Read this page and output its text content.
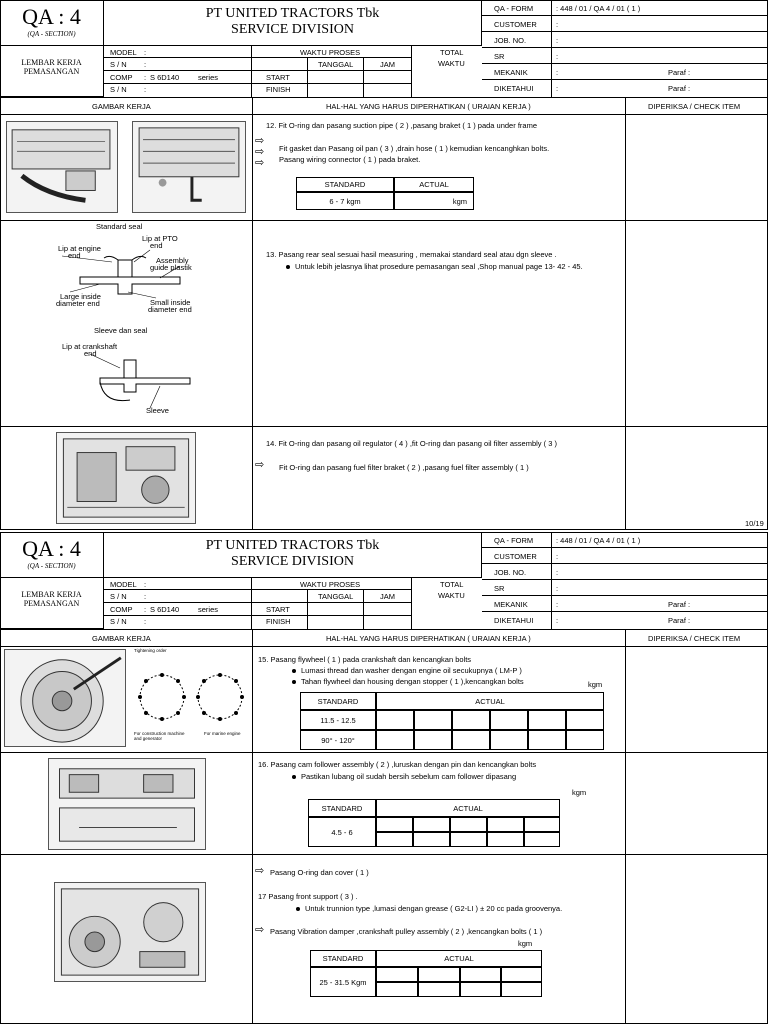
QA : 4
(QA - SECTION)
PT UNITED TRACTORS Tbk
SERVICE DIVISION
QA - FORM	: 448 / 01 / QA 4 / 01 ( 1 )
CUSTOMER	:
JOB. NO.	:
SR	:
MEKANIK	:	Paraf :
DIKETAHUI	:	Paraf :
LEMBAR KERJA
PEMASANGAN
MODEL :
S / N :
COMP : S 6D140	series
S / N :
WAKTU PROSES
TANGGAL	JAM
START
FINISH
TOTAL
WAKTU
GAMBAR KERJA	HAL-HAL YANG HARUS DIPERHATIKAN ( URAIAN KERJA )	DIPERIKSA / CHECK ITEM
12. Fit O-ring dan pasang suction pipe ( 2 ) ,pasang braket ( 1 ) pada under frame
⇨
⇨
⇨
Fit gasket dan Pasang oil pan ( 3 ) ,drain hose ( 1 ) kemudian kencanghkan bolts.
Pasang wiring connector ( 1 ) pada braket.
STANDARD	ACTUAL
6 - 7 kgm	kgm
Standard seal
Lip at PTO
end
Lip at engine
end
Assembly
guide plastik
Large inside
diameter end	Small inside
diameter end
Sleeve dan seal
Lip at crankshaft
end
Sleeve
13. Pasang rear seal sesuai hasil measuring , memakai standard seal atau dgn sleeve .
Untuk lebih jelasnya lihat prosedure pemasangan seal ,Shop manual page 13- 42 - 45.
14. Fit O-ring dan pasang oil regulator ( 4 ) ,fit O-ring dan pasang oil filter assembly ( 3 )
⇨ Fit O-ring dan pasang fuel filter braket ( 2 ) ,pasang fuel filter assembly ( 1 )
10/19
QA : 4
(QA - SECTION)
PT UNITED TRACTORS Tbk
SERVICE DIVISION
QA - FORM	: 448 / 01 / QA 4 / 01 ( 1 )
CUSTOMER	:
JOB. NO.	:
SR	:
MEKANIK	:	Paraf :
DIKETAHUI	:	Paraf :
LEMBAR KERJA
PEMASANGAN
MODEL :
S / N :
COMP : S 6D140	series
S / N :
WAKTU PROSES
TANGGAL	JAM
START
FINISH
TOTAL
WAKTU
GAMBAR KERJA	HAL-HAL YANG HARUS DIPERHATIKAN ( URAIAN KERJA )	DIPERIKSA / CHECK ITEM
Tightening order
For construction machine and generator
For marine engine
15. Pasang flywheel ( 1 ) pada crankshaft dan kencangkan bolts
Lumasi thread dan washer dengan engine oil secukupnya ( LM-P )
Tahan flywheel dan housing dengan stopper ( 1 ),kencangkan bolts	kgm
STANDARD	ACTUAL
11.5 - 12.5
90° - 120°
16. Pasang cam follower assembly ( 2 ) ,luruskan dengan pin dan kencangkan bolts
Pastikan lubang oil sudah bersih sebelum cam follower dipasang
kgm
STANDARD	ACTUAL
4.5 - 6
⇨ Pasang O-ring dan cover ( 1 )
17 Pasang front support ( 3 ) .
Untuk trunnion type ,lumasi dengan grease ( G2-LI ) ± 20 cc pada groovenya.
⇨ Pasang Vibration damper ,crankshaft pulley assembly ( 2 ) ,kencangkan bolts ( 1 )
kgm
STANDARD	ACTUAL
25 - 31.5 Kgm
